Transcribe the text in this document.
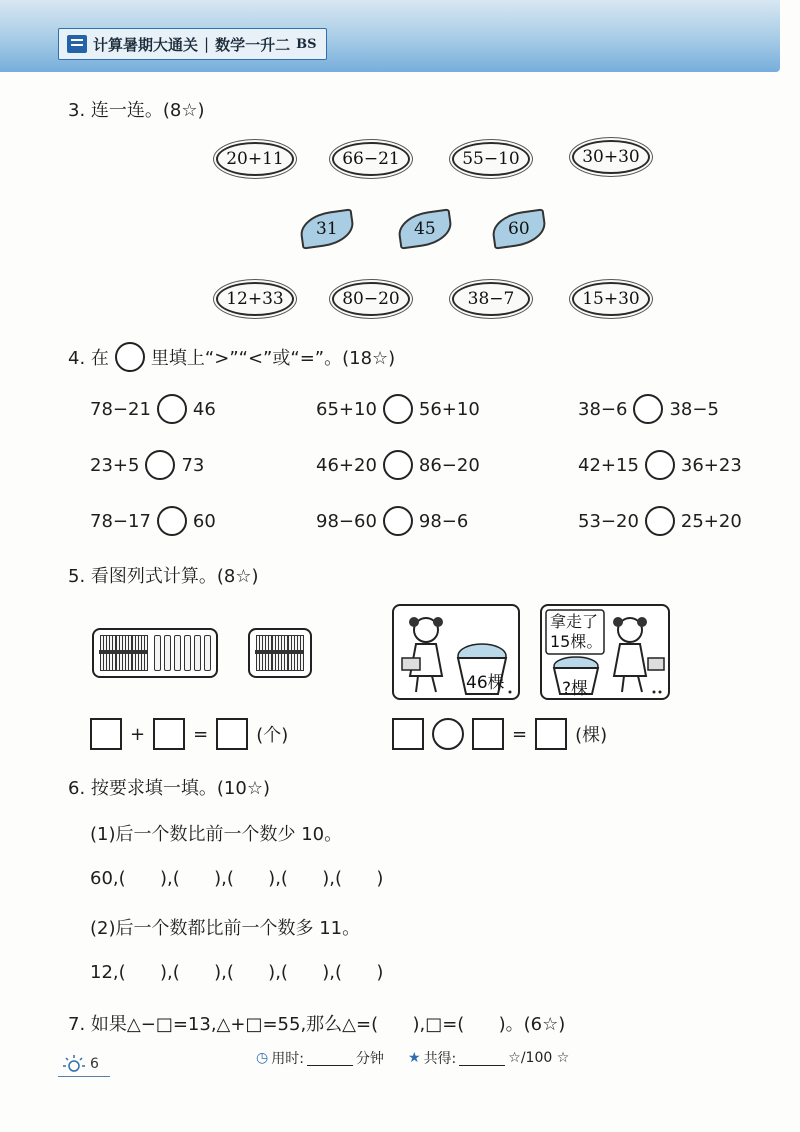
计算暑期大通关 | 数学一升二 BS
3. 连一连。(8☆)
20+11	66−21	55−10	30+30
31	45	60
12+33	80−20	38−7	15+30
4. 在 里填上“>”“<”或“=”。(18☆)
78−21 46	65+10 56+10	38−6 38−5
23+5 73	46+20 86−20	42+15 36+23
78−17 60	98−60 98−6	53−20 25+20
5. 看图列式计算。(8☆)
46棵
拿走了15棵。
?棵
+	=	(个)	=	(棵)
6. 按要求填一填。(10☆)
(1)后一个数比前一个数少 10。
60,(      ),(      ),(      ),(      ),(      )
(2)后一个数都比前一个数多 11。
12,(      ),(      ),(      ),(      ),(      )
7. 如果△−□=13,△+□=55,那么△=(      ),□=(      )。(6☆)
◷ 用时:	分钟 ★ 共得:	☆/100 ☆
6
